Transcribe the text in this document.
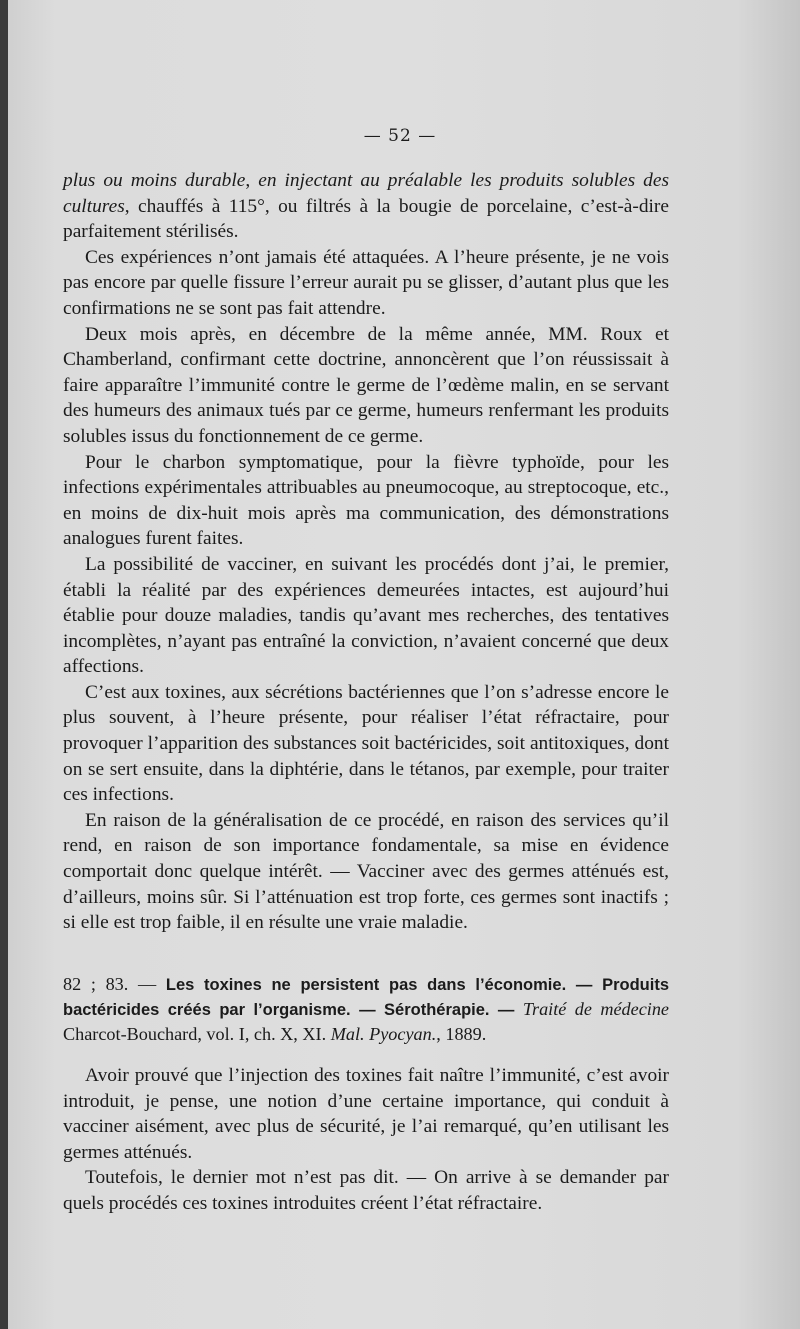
— 52 —

plus ou moins durable, en injectant au préalable les produits solubles des cultures, chauffés à 115°, ou filtrés à la bougie de porcelaine, c’est-à-dire parfaitement stérilisés.

Ces expériences n’ont jamais été attaquées. A l’heure présente, je ne vois pas encore par quelle fissure l’erreur aurait pu se glisser, d’autant plus que les confirmations ne se sont pas fait attendre.

Deux mois après, en décembre de la même année, MM. Roux et Chamberland, confirmant cette doctrine, annoncèrent que l’on réussissait à faire apparaître l’immunité contre le germe de l’œdème malin, en se servant des humeurs des animaux tués par ce germe, humeurs renfermant les produits solubles issus du fonctionnement de ce germe.

Pour le charbon symptomatique, pour la fièvre typhoïde, pour les infections expérimentales attribuables au pneumocoque, au streptocoque, etc., en moins de dix-huit mois après ma communication, des démonstrations analogues furent faites.

La possibilité de vacciner, en suivant les procédés dont j’ai, le premier, établi la réalité par des expériences demeurées intactes, est aujourd’hui établie pour douze maladies, tandis qu’avant mes recherches, des tentatives incomplètes, n’ayant pas entraîné la conviction, n’avaient concerné que deux affections.

C’est aux toxines, aux sécrétions bactériennes que l’on s’adresse encore le plus souvent, à l’heure présente, pour réaliser l’état réfractaire, pour provoquer l’apparition des substances soit bactéricides, soit antitoxiques, dont on se sert ensuite, dans la diphtérie, dans le tétanos, par exemple, pour traiter ces infections.

En raison de la généralisation de ce procédé, en raison des services qu’il rend, en raison de son importance fondamentale, sa mise en évidence comportait donc quelque intérêt. — Vacciner avec des germes atténués est, d’ailleurs, moins sûr. Si l’atténuation est trop forte, ces germes sont inactifs ; si elle est trop faible, il en résulte une vraie maladie.

82 ; 83. — Les toxines ne persistent pas dans l’économie. — Produits bactéricides créés par l’organisme. — Sérothérapie. — Traité de médecine Charcot-Bouchard, vol. I, ch. X, XI. Mal. Pyocyan., 1889.

Avoir prouvé que l’injection des toxines fait naître l’immunité, c’est avoir introduit, je pense, une notion d’une certaine importance, qui conduit à vacciner aisément, avec plus de sécurité, je l’ai remarqué, qu’en utilisant les germes atténués.

Toutefois, le dernier mot n’est pas dit. — On arrive à se demander par quels procédés ces toxines introduites créent l’état réfractaire.
